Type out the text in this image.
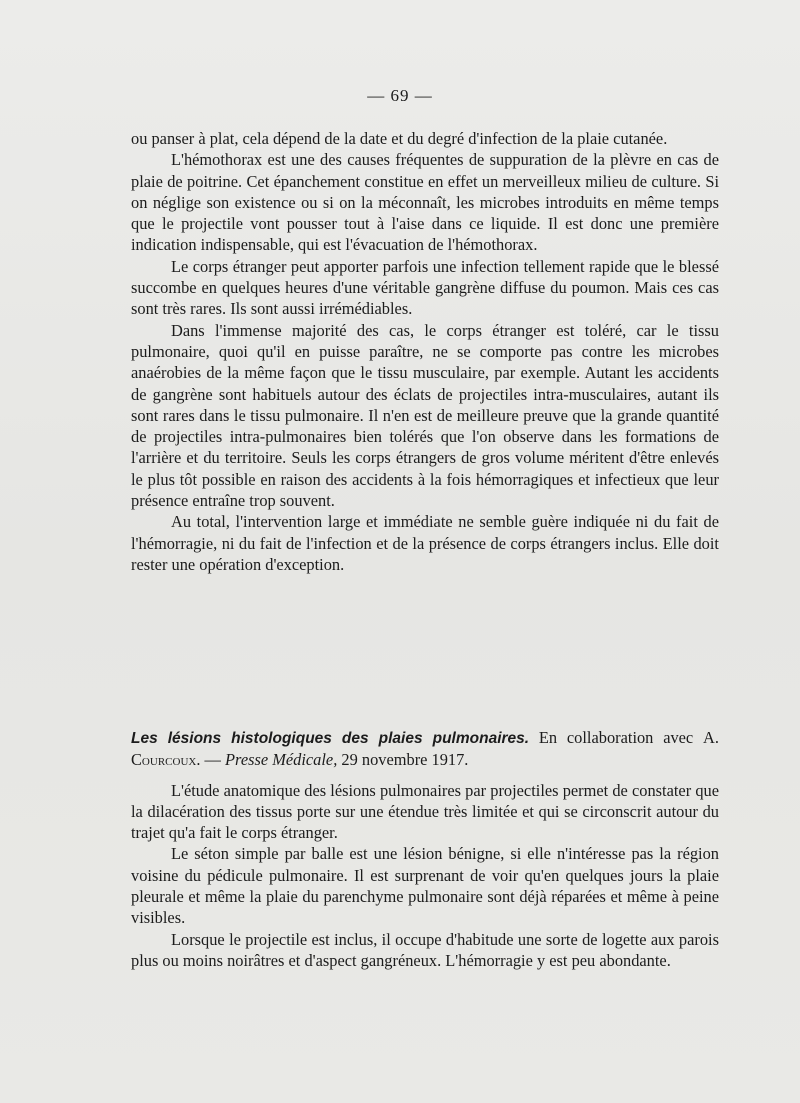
— 69 —

ou panser à plat, cela dépend de la date et du degré d'infection de la plaie cutanée.

L'hémothorax est une des causes fréquentes de suppuration de la plèvre en cas de plaie de poitrine. Cet épanchement constitue en effet un merveilleux milieu de culture. Si on néglige son existence ou si on la méconnaît, les microbes introduits en même temps que le projectile vont pousser tout à l'aise dans ce liquide. Il est donc une première indication indispensable, qui est l'évacuation de l'hémothorax.

Le corps étranger peut apporter parfois une infection tellement rapide que le blessé succombe en quelques heures d'une véritable gangrène diffuse du poumon. Mais ces cas sont très rares. Ils sont aussi irrémédiables.

Dans l'immense majorité des cas, le corps étranger est toléré, car le tissu pulmonaire, quoi qu'il en puisse paraître, ne se comporte pas contre les microbes anaérobies de la même façon que le tissu musculaire, par exemple. Autant les accidents de gangrène sont habituels autour des éclats de projectiles intra-musculaires, autant ils sont rares dans le tissu pulmonaire. Il n'en est de meilleure preuve que la grande quantité de projectiles intra-pulmonaires bien tolérés que l'on observe dans les formations de l'arrière et du territoire. Seuls les corps étrangers de gros volume méritent d'être enlevés le plus tôt possible en raison des accidents à la fois hémorragiques et infectieux que leur présence entraîne trop souvent.

Au total, l'intervention large et immédiate ne semble guère indiquée ni du fait de l'hémorragie, ni du fait de l'infection et de la présence de corps étrangers inclus. Elle doit rester une opération d'exception.

Les lésions histologiques des plaies pulmonaires. En collaboration avec A. Courcoux. — Presse Médicale, 29 novembre 1917.

L'étude anatomique des lésions pulmonaires par projectiles permet de constater que la dilacération des tissus porte sur une étendue très limitée et qui se circonscrit autour du trajet qu'a fait le corps étranger.

Le séton simple par balle est une lésion bénigne, si elle n'intéresse pas la région voisine du pédicule pulmonaire. Il est surprenant de voir qu'en quelques jours la plaie pleurale et même la plaie du parenchyme pulmonaire sont déjà réparées et même à peine visibles.

Lorsque le projectile est inclus, il occupe d'habitude une sorte de logette aux parois plus ou moins noirâtres et d'aspect gangréneux. L'hémorragie y est peu abondante.
